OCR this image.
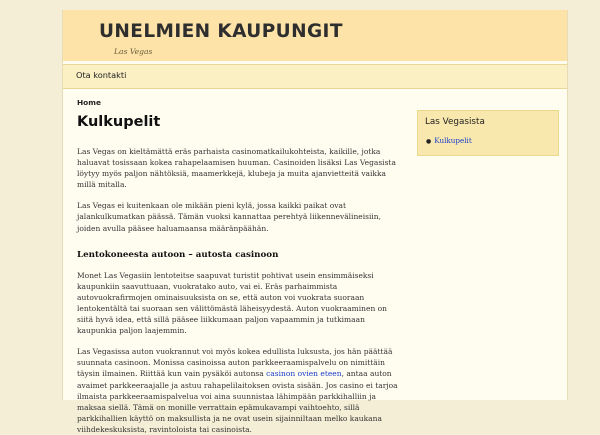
UNELMIEN KAUPUNGIT
Las Vegas
Ota kontakti
Home
Kulkupelit

Las Vegas on kieltämättä eräs parhaista casinomatkailukohteista, kaikille, jotka haluavat tosissaan kokea rahapelaamisen huuman. Casinoiden lisäksi Las Vegasista löytyy myös paljon nähtöksiä, maamerkkejä, klubeja ja muita ajanvietteitä vaikka millä mitalla.

Las Vegas ei kuitenkaan ole mikään pieni kylä, jossa kaikki paikat ovat jalankulkumatkan päässä. Tämän vuoksi kannattaa perehtyä liikennevälineisiin, joiden avulla pääsee haluamaansa määränpäähän.

Lentokoneesta autoon – autosta casinoon

Monet Las Vegasiin lentoteitse saapuvat turistit pohtivat usein ensimmäiseksi kaupunkiin saavuttuaan, vuokratako auto, vai ei. Eräs parhaimmista autovuokrafirmojen ominaisuuksista on se, että auton voi vuokrata suoraan lentokentältä tai suoraan sen välittömästä läheisyydestä. Auton vuokraaminen on siitä hyvä idea, että sillä pääsee liikkumaan paljon vapaammin ja tutkimaan kaupunkia paljon laajemmin.

Las Vegasissa auton vuokrannut voi myös kokea edullista luksusta, jos hän päättää suunnata casinoon. Monissa casinoissa auton parkkeeraamispalvelu on nimittäin täysin ilmainen. Riittää kun vain pysäköi autonsa casinon ovien eteen, antaa auton avaimet parkkeeraajalle ja astuu rahapelilaitoksen ovista sisään. Jos casino ei tarjoa ilmaista parkkeeraamispalvelua voi aina suunnistaa lähimpään parkkihalliin ja maksaa siellä. Tämä on monille verrattain epämukavampi vaihtoehto, sillä parkkihallien käyttö on maksullista ja ne ovat usein sijainniltaan melko kaukana viihdekeskuksista, ravintoloista tai casinoista.

Las Vegasista
● Kulkupelit
